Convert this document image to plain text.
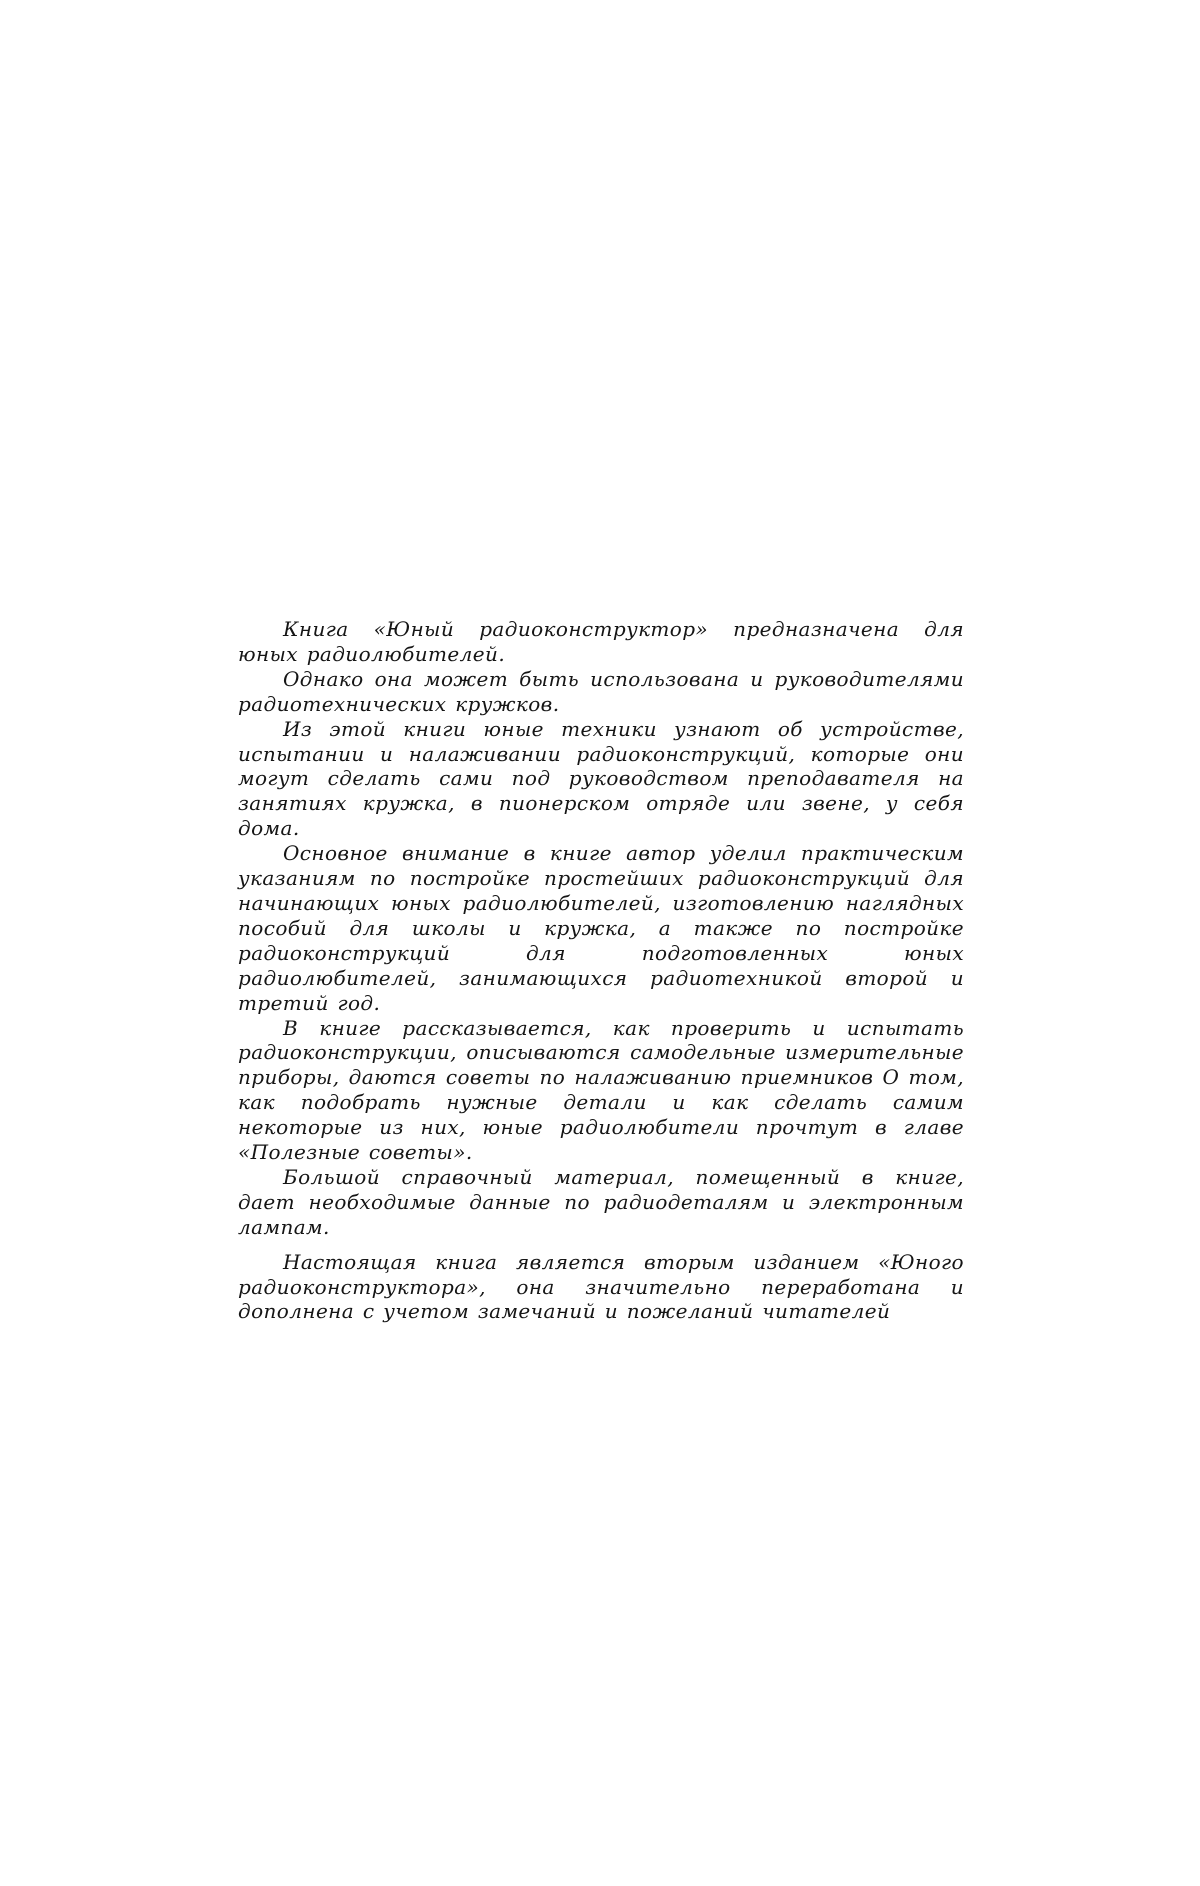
Книга «Юный радиоконструктор» предназначена для юных радиолюбителей.

Однако она может быть использована и руководителями радиотехнических кружков.

Из этой книги юные техники узнают об устройстве, испытании и налаживании радиоконструкций, которые они могут сделать сами под руководством преподавателя на занятиях кружка, в пионерском отряде или звене, у себя дома.

Основное внимание в книге автор уделил практическим указаниям по постройке простейших радиоконструкций для начинающих юных радиолюбителей, изготовлению наглядных пособий для школы и кружка, а также по постройке радиоконструкций для подготовленных юных радиолюбителей, занимающихся радиотехникой второй и третий год.

В книге рассказывается, как проверить и испытать радиоконструкции, описываются самодельные измерительные приборы, даются советы по налаживанию приемников О том, как подобрать нужные детали и как сделать самим некоторые из них, юные радиолюбители прочтут в главе «Полезные советы».

Большой справочный материал, помещенный в книге, дает необходимые данные по радиодеталям и электронным лампам.

Настоящая книга является вторым изданием «Юного радиоконструктора», она значительно переработана и дополнена с учетом замечаний и пожеланий читателей
